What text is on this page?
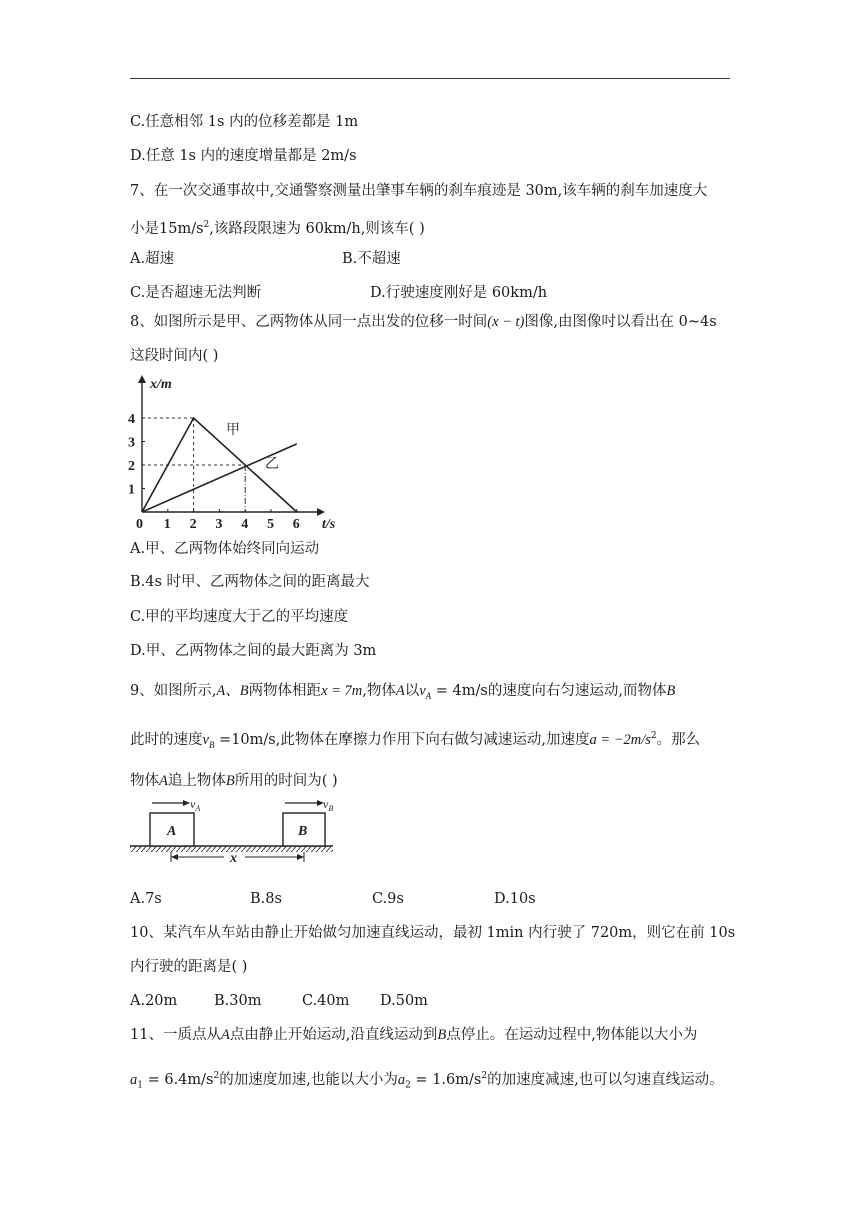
C.任意相邻 1s 内的位移差都是 1m
D.任意 1s 内的速度增量都是 2m/s
7、在一次交通事故中,交通警察测量出肇事车辆的刹车痕迹是 30m,该车辆的刹车加速度大
小是$15m/s^2$,该路段限速为 60km/h,则该车( )
A.超速	B.不超速
C.是否超速无法判断	D.行驶速度刚好是 60km/h
8、如图所示是甲、乙两物体从同一点出发的位移一时间(x − t)图像,由图像吋以看出在 0~4s
这段时间内( )
1 2 3 4 5 6
1
2
3
4
x/m
t/s
0
甲
乙
A.甲、乙两物体始终同向运动
B.4s 时甲、乙两物体之间的距离最大
C.甲的平均速度大于乙的平均速度
D.甲、乙两物体之间的最大距离为 3m
9、如图所示,A、B两物体相距x = 7m,物体A以$v_A = 4m/s$的速度向右匀速运动,而物体B
此时的速度$v_B =10m/s$,此物体在摩擦力作用下向右做匀减速运动,加速度$a = -2m/s^2$。那么
物体A追上物体B所用的时间为( )
A	B
$v_A$	$v_B$
x
A.7s	B.8s	C.9s	D.10s
10、某汽车从车站由静止开始做匀加速直线运动，最初 1min 内行驶了 720m，则它在前 10s
内行驶的距离是( )
A.20m	B.30m	C.40m D.50m
11、一质点从A点由静止开始运动,沿直线运动到B点停止。在运动过程中,物体能以大小为
$a_1 = 6.4m/s^2$的加速度加速,也能以大小为$a_2 = 1.6m/s^2$的加速度减速,也可以匀速直线运动。
